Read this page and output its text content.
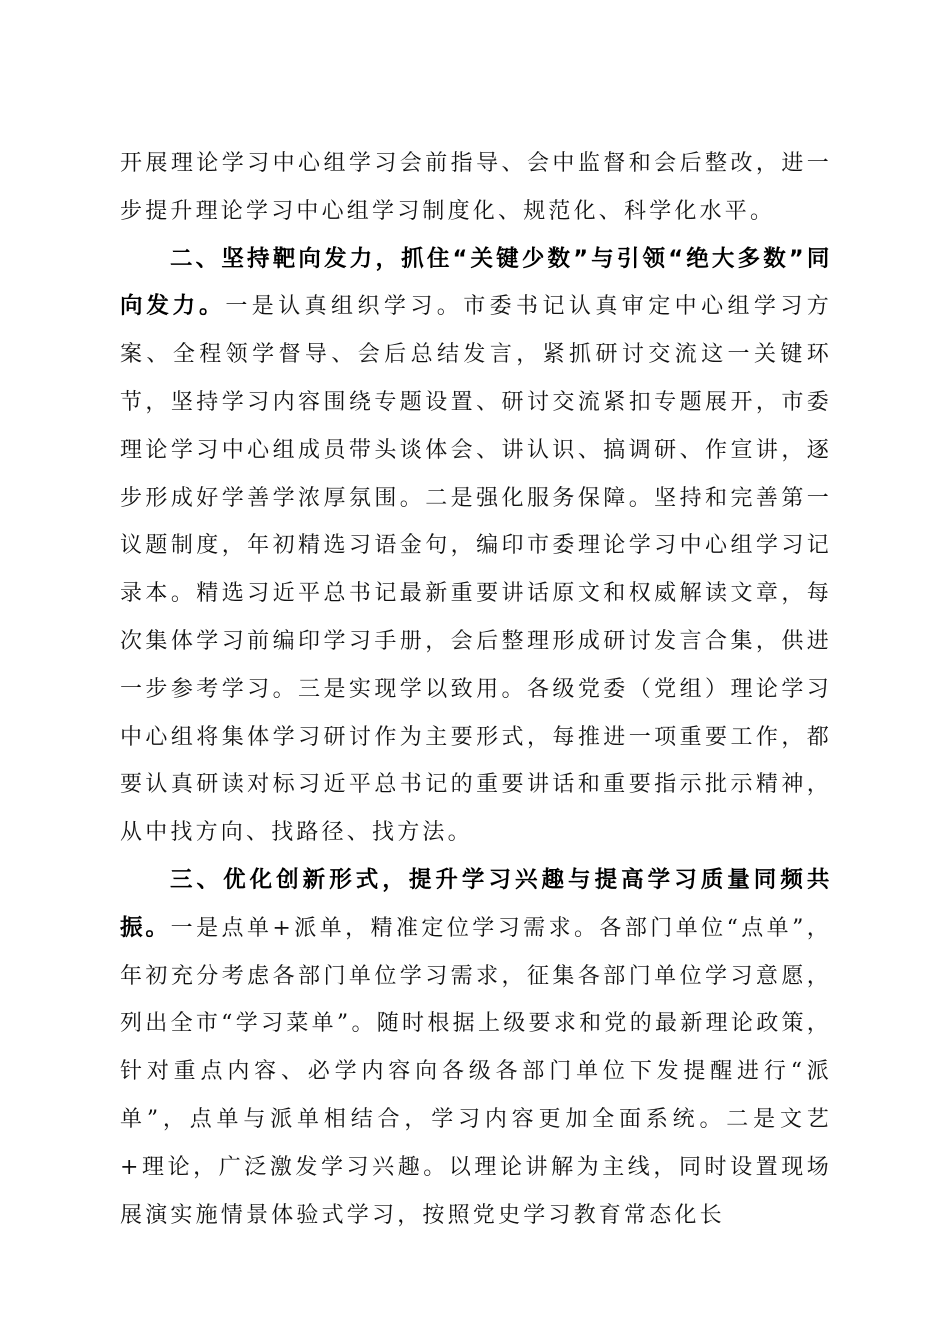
开展理论学习中心组学习会前指导、会中监督和会后整改，进一步提升理论学习中心组学习制度化、规范化、科学化水平。

二、坚持靶向发力，抓住“关键少数”与引领“绝大多数”同向发力。一是认真组织学习。市委书记认真审定中心组学习方案、全程领学督导、会后总结发言，紧抓研讨交流这一关键环节，坚持学习内容围绕专题设置、研讨交流紧扣专题展开，市委理论学习中心组成员带头谈体会、讲认识、搞调研、作宣讲，逐步形成好学善学浓厚氛围。二是强化服务保障。坚持和完善第一议题制度，年初精选习语金句，编印市委理论学习中心组学习记录本。精选习近平总书记最新重要讲话原文和权威解读文章，每次集体学习前编印学习手册，会后整理形成研讨发言合集，供进一步参考学习。三是实现学以致用。各级党委（党组）理论学习中心组将集体学习研讨作为主要形式，每推进一项重要工作，都要认真研读对标习近平总书记的重要讲话和重要指示批示精神，从中找方向、找路径、找方法。

三、优化创新形式，提升学习兴趣与提高学习质量同频共振。一是点单+派单，精准定位学习需求。各部门单位“点单”，年初充分考虑各部门单位学习需求，征集各部门单位学习意愿，列出全市“学习菜单”。随时根据上级要求和党的最新理论政策，针对重点内容、必学内容向各级各部门单位下发提醒进行“派单”，点单与派单相结合，学习内容更加全面系统。二是文艺+理论，广泛激发学习兴趣。以理论讲解为主线，同时设置现场展演实施情景体验式学习，按照党史学习教育常态化长
